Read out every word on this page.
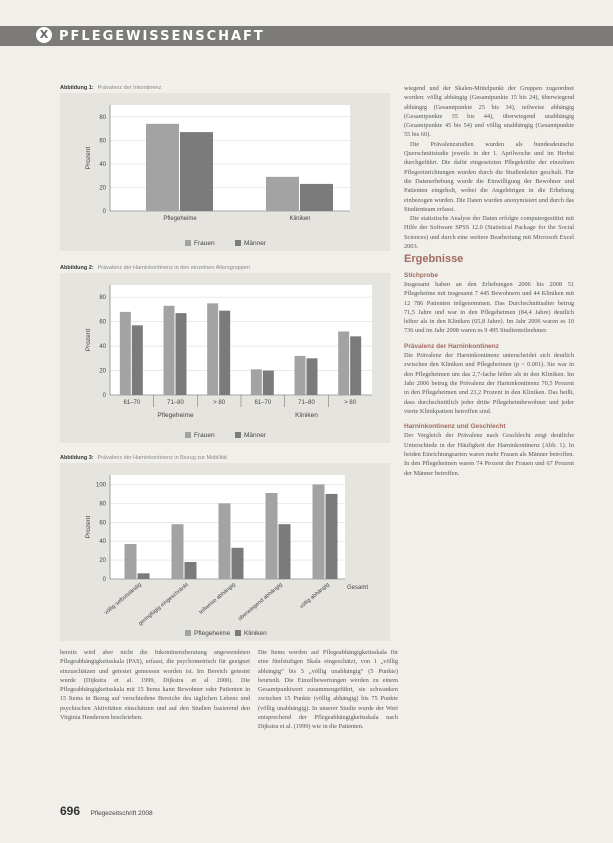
X PFLEGEWISSENSCHAFT
Abbildung 1: Prävalenz der Inkontinenz
0
20
40
60
80
Prozent
Pflegeheime	Kliniken
Frauen	Männer
Abbildung 2: Prävalenz der Harninkontinenz in den einzelnen Altersgruppen
0
20
40
60
80
Prozent
61–70	71–80	> 80	61–70	71–80	> 80
Pflegeheime	Kliniken
Frauen	Männer
Abbildung 3: Prävalenz der Harninkontinenz in Bezug zur Mobilität
0
20
40
60
80
100
Prozent
völlig selbstständig
geringfügig eingeschränkt teilweise abhängig überwiegend abhängig	völlig abhängig	Gesamt
Pflegeheime Kliniken

wiegend und der Skalen-Mittelpunkt der Gruppen zugeordnet worden: völlig abhängig (Gesamtpunkte 15 bis 24), überwiegend abhängig (Gesamtpunkte 25 bis 34), teilweise abhängig (Gesamtpunkte 35 bis 44), überwiegend unabhängig (Gesamtpunkte 45 bis 54) und völlig unabhängig (Gesamtpunkte 55 bis 60).

Die Prävalenzstudien wurden als bundesdeutsche Querschnittstudie jeweils in der 1. Aprilwoche und im Herbst durchgeführt. Die dafür eingesetzten Pflegekräfte der einzelnen Pflegeeinrichtungen wurden durch die Studienleiter geschult. Für die Datenerhebung wurde die Einwilligung der Bewohner und Patienten eingeholt, wobei die Angehörigen in die Erhebung einbezogen wurden. Die Daten wurden anonymisiert und durch das Studienteam erfasst.

Die statistische Analyse der Daten erfolgte computergestützt mit Hilfe der Software SPSS 12.0 (Statistical Package for the Social Sciences) und durch eine weitere Bearbeitung mit Microsoft Excel 2003.

Ergebnisse
Stichprobe

Insgesamt haben an den Erhebungen 2006 bis 2008 51 Pflegeheime mit insgesamt 7 445 Bewohnern und 44 Kliniken mit 12 786 Patienten teilgenommen. Das Durchschnittsalter betrug 71,5 Jahre und war in den Pflegeheimen (84,4 Jahre) deutlich höher als in den Kliniken (65,8 Jahre). Im Jahr 2006 waren es 10 736 und im Jahr 2008 waren es 9 495 Studienteilnehmer.

Prävalenz der Harninkontinenz

Die Prävalenz der Harninkontinenz unterscheidet sich deutlich zwischen den Kliniken und Pflegeheimen (p < 0.001). Sie war in den Pflegeheimen um das 2,7-fache höher als in den Kliniken. Im Jahr 2006 betrug die Prävalenz der Harninkontinenz 70,5 Prozent in den Pflegeheimen und 23,2 Prozent in den Kliniken. Das heißt, dass durchschnittlich jeder dritte Pflegeheimbewohner und jeder vierte Klinikpatient betroffen sind.

Harninkontinenz und Geschlecht

Der Vergleich der Prävalenz nach Geschlecht zeigt deutliche Unterschiede in der Häufigkeit der Harninkontinenz (Abb. 1). In beiden Einrichtungsarten waren mehr Frauen als Männer betroffen. In den Pflegeheimen waren 74 Prozent der Frauen und 67 Prozent der Männer betroffen.

bereits wird aber nicht die Inkontinenzberatung angewendeten Pflegeabhängigkeitsskala (PAS), erfasst, die psychometrisch für geeignet einzuschätzen und getestet gemessen worden ist. Im Bereich getestet wurde (Dijkstra et al. 1999, Dijkstra et al 2000). Die Pflegeabhängigkeitsskala mit 15 Items kann Bewohner oder Patienten in 15 Items in Bezug auf verschiedene Bereiche des täglichen Lebens und psychischen Aktivitäten einschätzen und auf den Studien basierend den Virginia Henderson beschrieben.

Die Items werden auf Pflegeabhängigkeitsskala für eine fünfstufigen Skala eingeschätzt, von 1 „völlig abhängig“ bis 5 „völlig unabhängig“ (5 Punkte) beurteilt. Die Einzelbewertungen werden zu einem Gesamtpunktwert zusammengeführt, sie schwanken zwischen 15 Punkte (völlig abhängig) bis 75 Punkte (völlig unabhängig). In unserer Studie wurde der Wert entsprechend der Pflegeabhängigkeitsskala nach Dijkstra et al. (1999) wie in die Patienten.

696 Pflegezeitschrift 2008
